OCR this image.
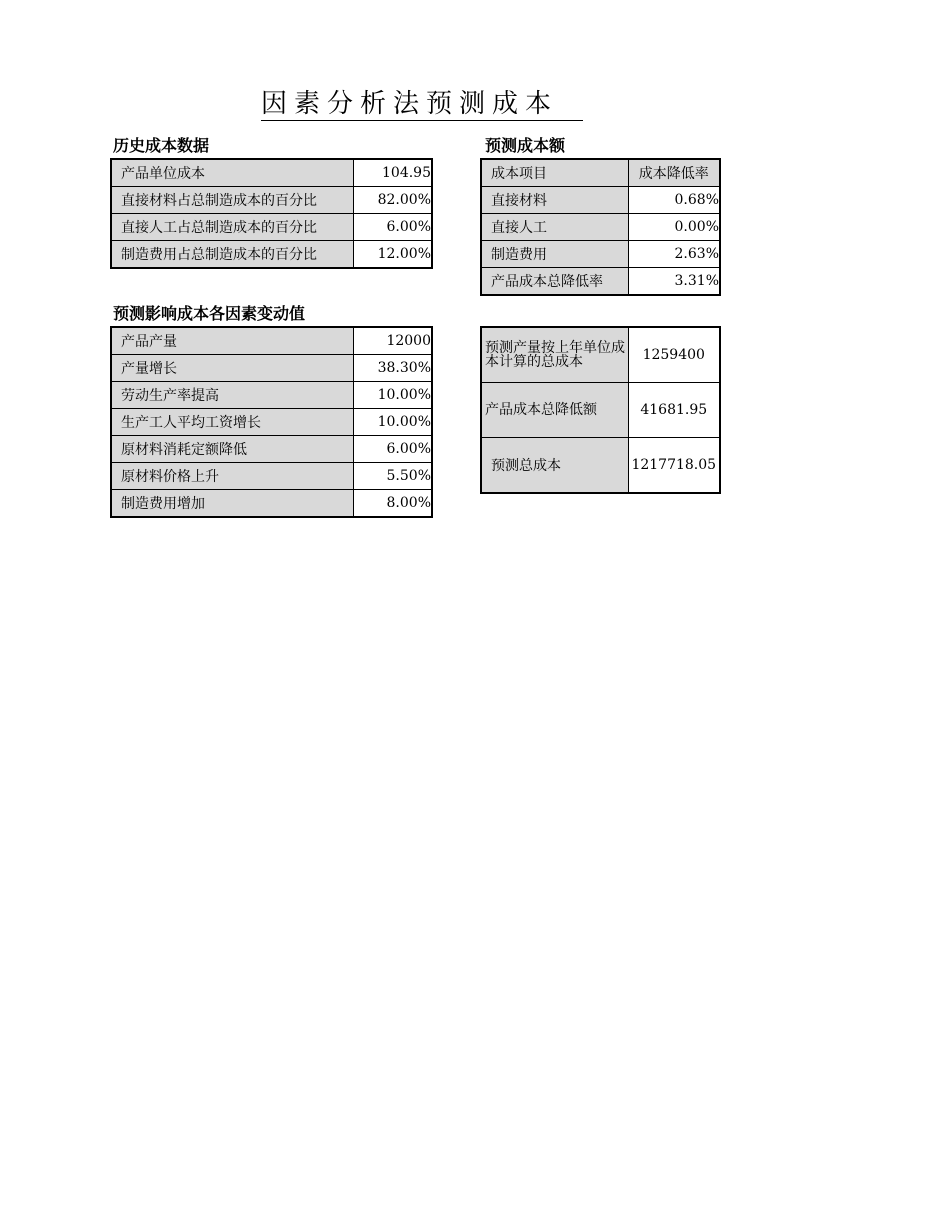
因素分析法预测成本
历史成本数据
产品单位成本	104.95
直接材料占总制造成本的百分比	82.00%
直接人工占总制造成本的百分比	6.00%
制造费用占总制造成本的百分比	12.00%
预测成本额
成本项目	成本降低率
直接材料	0.68%
直接人工	0.00%
制造费用	2.63%
产品成本总降低率	3.31%
预测影响成本各因素变动值
产品产量	12000
产量增长	38.30%
劳动生产率提高	10.00%
生产工人平均工资增长	10.00%
原材料消耗定额降低	6.00%
原材料价格上升	5.50%
制造费用增加	8.00%
预测产量按上年单位成本计算的总成本	1259400
产品成本总降低额	41681.95
预测总成本	1217718.05
